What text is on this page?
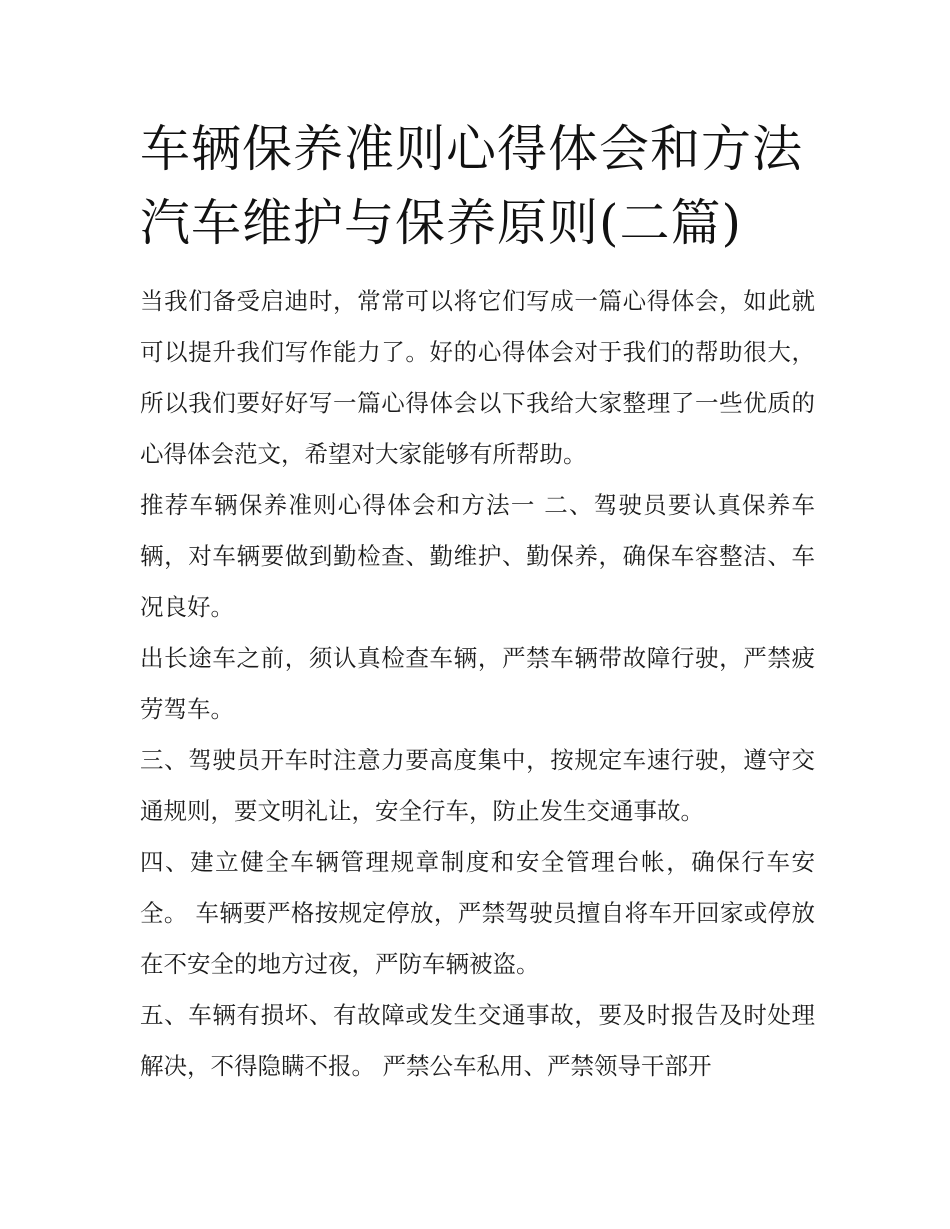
车辆保养准则心得体会和方法
汽车维护与保养原则(二篇)

当我们备受启迪时，常常可以将它们写成一篇心得体会，如此就可以提升我们写作能力了。好的心得体会对于我们的帮助很大，所以我们要好好写一篇心得体会以下我给大家整理了一些优质的心得体会范文，希望对大家能够有所帮助。

推荐车辆保养准则心得体会和方法一 二、驾驶员要认真保养车辆，对车辆要做到勤检查、勤维护、勤保养，确保车容整洁、车况良好。

出长途车之前，须认真检查车辆，严禁车辆带故障行驶，严禁疲劳驾车。

三、驾驶员开车时注意力要高度集中，按规定车速行驶，遵守交通规则，要文明礼让，安全行车，防止发生交通事故。

四、建立健全车辆管理规章制度和安全管理台帐，确保行车安全。 车辆要严格按规定停放，严禁驾驶员擅自将车开回家或停放在不安全的地方过夜，严防车辆被盗。

五、车辆有损坏、有故障或发生交通事故，要及时报告及时处理解决，不得隐瞒不报。 严禁公车私用、严禁领导干部开
